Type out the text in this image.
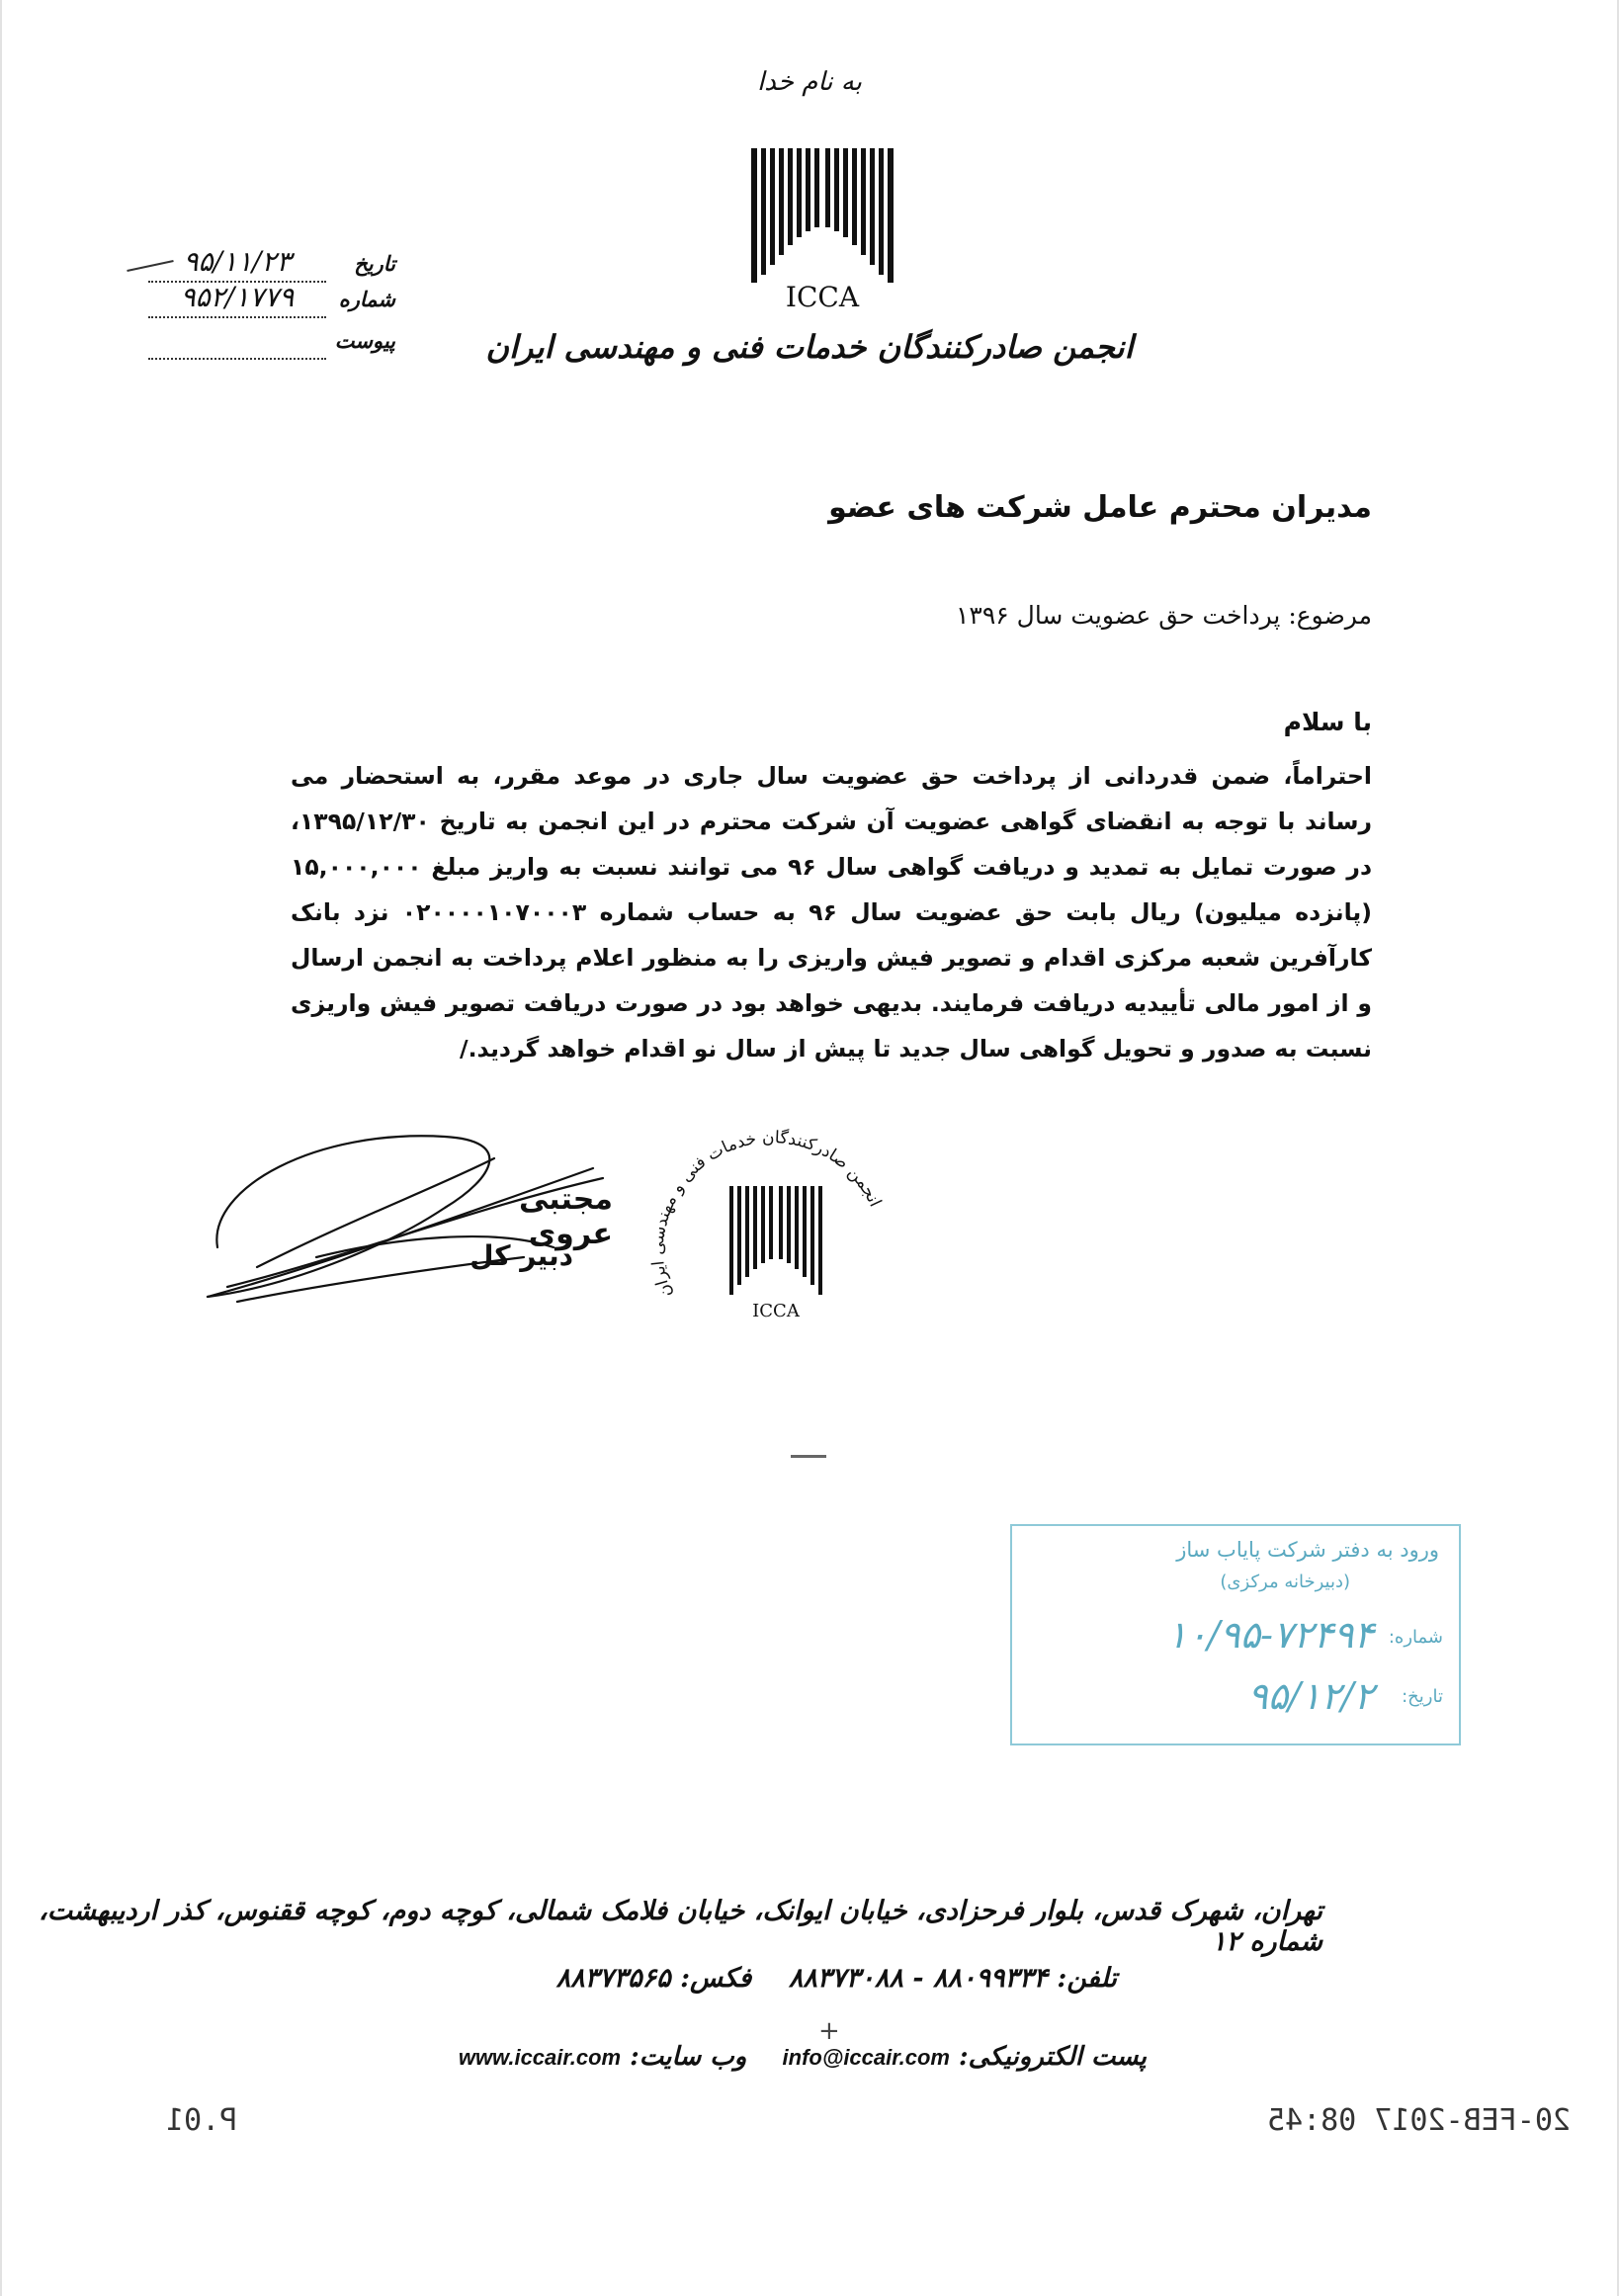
به نام خدا
ICCA
انجمن صادرکنندگان خدمات فنی و مهندسی ایران
تاریخ
۹۵/۱۱/۲۳
شماره
۹۵۲/۱۷۷۹
پیوست
مدیران محترم عامل شرکت های عضو
مرضوع: پرداخت حق عضویت سال ۱۳۹۶
با سلام
احتراماً، ضمن قدردانی از پرداخت حق عضویت سال جاری در موعد مقرر، به استحضار می رساند با توجه به انقضای گواهی عضویت آن شرکت محترم در این انجمن به تاریخ ۱۳۹۵/۱۲/۳۰، در صورت تمایل به تمدید و دریافت گواهی سال ۹۶ می توانند نسبت به واریز مبلغ ۱۵,۰۰۰,۰۰۰ (پانزده میلیون) ریال بابت حق عضویت سال ۹۶ به حساب شماره ۰۲۰۰۰۰۱۰۷۰۰۰۳ نزد بانک کارآفرین شعبه مرکزی اقدام و تصویر فیش واریزی را به منظور اعلام پرداخت به انجمن ارسال و از امور مالی تأییدیه دریافت فرمایند. بدیهی خواهد بود در صورت دریافت تصویر فیش واریزی نسبت به صدور و تحویل گواهی سال جدید تا پیش از سال نو اقدام خواهد گردید./
مجتبی عروی
دبیر کل
انجمن صادرکنندگان خدمات فنی و مهندسی ایران
ICCA
ورود به دفتر شرکت پایاب ساز
(دبیرخانه مرکزی)
شماره:
۱۰/۹۵-۷۲۴۹۴
تاریخ:
۹۵/۱۲/۲
تهران، شهرک قدس، بلوار فرحزادی، خیابان ایوانک، خیابان فلامک شمالی، کوچه دوم، کوچه ققنوس، کذر اردیبهشت، شماره ۱۲
تلفن: ۸۸۰۹۹۳۳۴ - ۸۸۳۷۳۰۸۸    فکس: ۸۸۳۷۳۵۶۵
+
پست الکترونیکی: info@iccair.com    وب سایت: www.iccair.com
20-FEB-2017 08:45
P.01
